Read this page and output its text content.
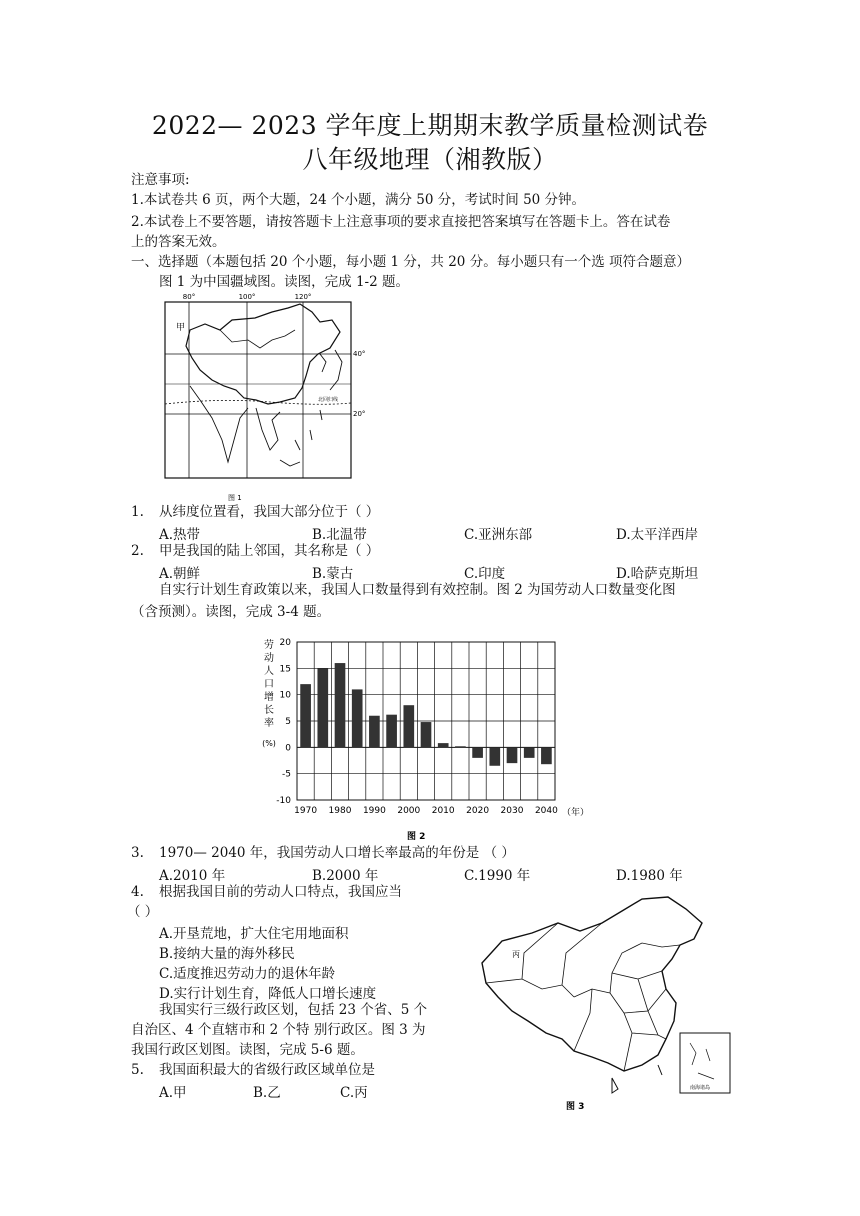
2022— 2023 学年度上期期末教学质量检测试卷
八年级地理（湘教版）
注意事项:
1.本试卷共 6 页，两个大题，24 个小题，满分 50 分，考试时间 50 分钟。
2.本试卷上不要答题，请按答题卡上注意事项的要求直接把答案填写在答题卡上。答在试卷
上的答案无效。
一、选择题（本题包括 20 个小题，每小题 1 分，共 20 分。每小题只有一个选 项符合题意）
图 1 为中国疆域图。读图，完成 1-2 题。
80°	100°	120°
40°
20°
甲
北回归线
图 1
1. 从纬度位置看，我国大部分位于（ ）
A.热带	B.北温带	C.亚洲东部	D.太平洋西岸
2. 甲是我国的陆上邻国，其名称是（ ）
A.朝鲜	B.蒙古	C.印度	D.哈萨克斯坦
自实行计划生育政策以来，我国人口数量得到有效控制。图 2 为国劳动人口数量变化图
（含预测）。读图，完成 3-4 题。
劳
动
人
口
增
长
率
(%)
-10
-5
0
5
10
15
20
1970 1980 1990 2000 2010 2020 2030 2040 （年）
图 2
3. 1970— 2040 年，我国劳动人口增长率最高的年份是 （ ）
A.2010 年	B.2000 年	C.1990 年	D.1980 年
4. 根据我国目前的劳动人口特点，我国应当
（ ）
A.开垦荒地，扩大住宅用地面积
B.接纳大量的海外移民
C.适度推迟劳动力的退休年龄
D.实行计划生育，降低人口增长速度
我国实行三级行政区划，包括 23 个省、5 个
自治区、4 个直辖市和 2 个特 别行政区。图 3 为
我国行政区划图。读图，完成 5-6 题。
5. 我国面积最大的省级行政区域单位是
A.甲	B.乙	C.丙	南海诸岛
丙
图 3
